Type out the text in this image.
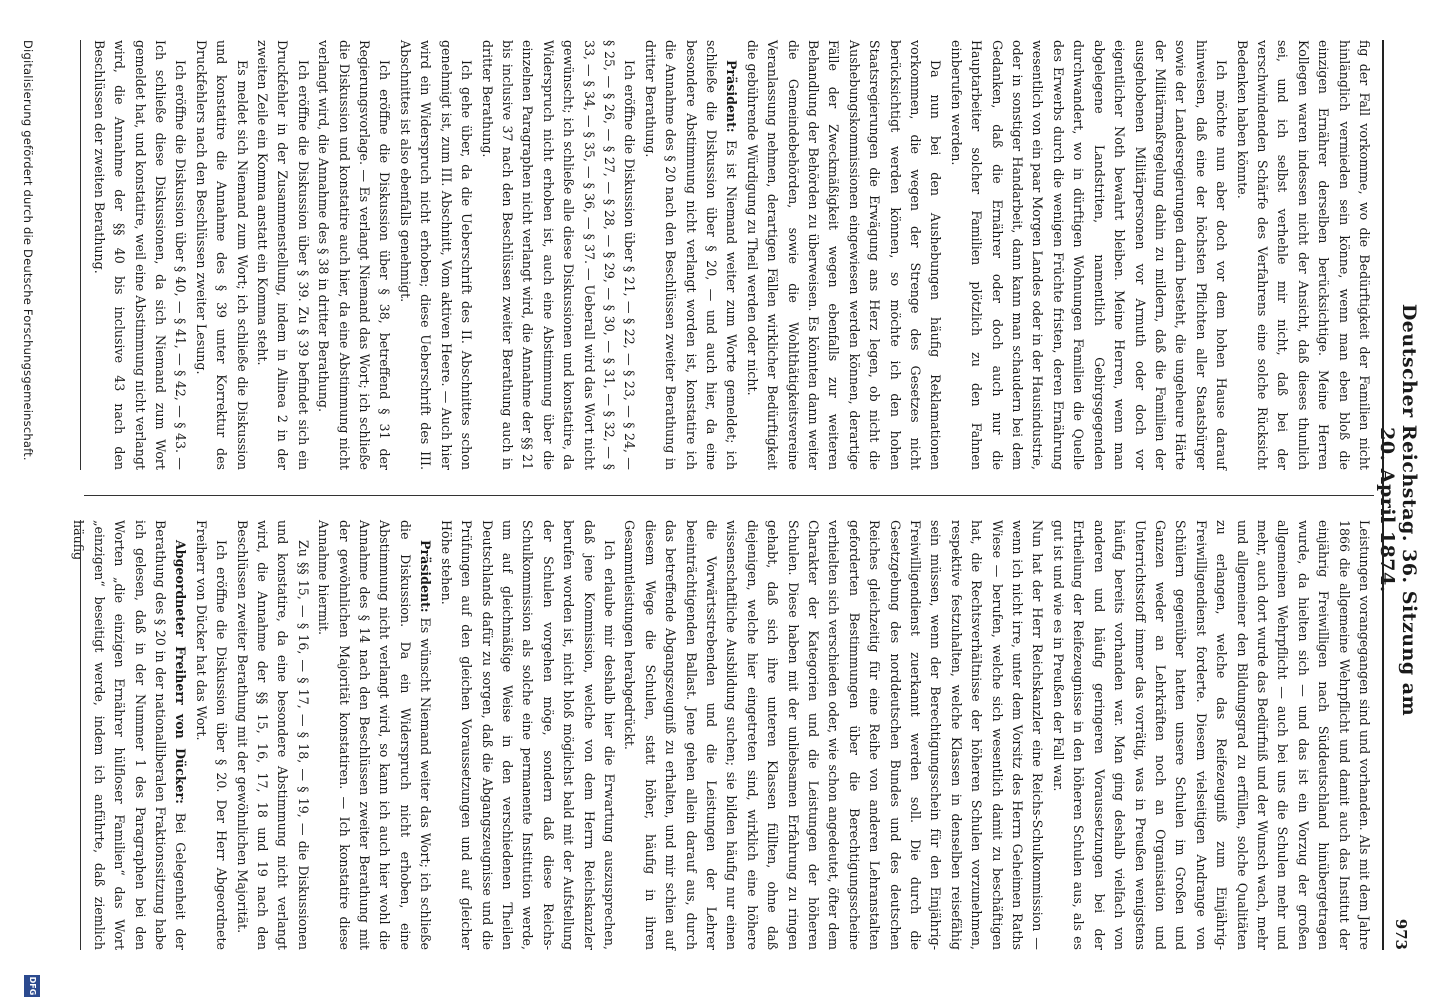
Deutscher Reichstag. 36. Sitzung am 20. April 1874.
973

Leistungen vorangegangen sind und vorhanden. Als mit dem Jahre 1866 die allgemeine Wehrpflicht und damit auch das Institut der einjährig Freiwilligen nach Süddeutschland hinübergetragen wurde, da hielten sich — und das ist ein Vorzug der großen allgemeinen Wehrpflicht — auch bei uns die Schulen mehr und mehr, auch dort wurde das Bedürfniß und der Wunsch wach, mehr und allgemeiner den Bildungsgrad zu erfüllen, solche Qualitäten zu erlangen, welche das Reifezeugniß zum Einjährig-Freiwilligendienst forderte. Diesem vielseitigen Andrange von Schülern gegenüber hatten unsere Schulen im Großen und Ganzen weder an Lehrkräften noch an Organisation und Unterrichtsstoff immer das vorrätig, was in Preußen wenigstens häufig bereits vorhanden war. Man ging deshalb vielfach von anderen und häufig geringeren Voraussetzungen bei der Ertheilung der Reifezeugnisse in den höheren Schulen aus, als es gut ist und wie es in Preußen der Fall war.

Nun hat der Herr Reichskanzler eine Reichs-Schulkommission — wenn ich nicht irre, unter dem Vorsitz des Herrn Geheimen Raths Wiese — berufen, welche sich wesentlich damit zu beschäftigen hat, die Rechtsverhältnisse der höheren Schulen vorzunehmen, respektive festzuhalten, welche Klassen in denselben reisefähig sein müssen, wenn der Berechtigungsschein für den Einjährig-Freiwilligendienst zuerkannt werden soll. Die durch die Gesetzgebung des norddeutschen Bundes und des deutschen Reiches gleichzeitig für eine Reihe von anderen Lehranstalten geforderten Bestimmungen über die Berechtigungsscheine verhielten sich verschieden oder, wie schon angedeutet, öfter dem Charakter der Kategorien und die Leistungen der höheren Schulen. Diese haben mit der unliebsamen Erfahrung zu ringen gehabt, daß sich ihre unteren Klassen füllten, ohne daß diejenigen, welche hier eingetreten sind, wirklich eine höhere wissenschaftliche Ausbildung suchen; sie bilden häufig nur einen die Vorwärtsstrebenden und die Leistungen der Lehrer beeinträchtigenden Ballast. Jene gehen allein darauf aus, durch das betreffende Abgangszeugniß zu erhalten, und mir schien auf diesem Wege die Schulen, statt höher, häufig in ihren Gesammtleistungen herabgedrückt.

Ich erlaube mir deshalb hier die Erwartung auszusprechen, daß jene Kommission, welche von dem Herrn Reichskanzler berufen worden ist, nicht bloß möglichst bald mit der Aufstellung der Schulen vorgehen möge, sondern daß diese Reichs-Schulkommission als solche eine permanente Institution werde, um auf gleichmäßige Weise in den verschiedenen Theilen Deutschlands dafür zu sorgen, daß die Abgangszeugnisse und die Prüfungen auf den gleichen Voraussetzungen und auf gleicher Höhe stehen.

Präsident: Es wünscht Niemand weiter das Wort; ich schließe die Diskussion. Da ein Widerspruch nicht erhoben, eine Abstimmung nicht verlangt wird, so kann ich auch hier wohl die Annahme des § 14 nach den Beschlüssen zweiter Berathung mit der gewöhnlichen Majorität konstatiren. — Ich konstatire diese Annahme hiermit.

Zu §§ 15, — § 16, — § 17, — § 18, — § 19, — die Diskussionen und konstatire, da eine besondere Abstimmung nicht verlangt wird, die Annahme der §§ 15, 16, 17, 18 und 19 nach den Beschlüssen zweiter Berathung mit der gewöhnlichen Majorität.

Ich eröffne die Diskussion über § 20. Der Herr Abgeordnete Freiherr von Dücker hat das Wort.

Abgeordneter Freiherr von Dücker: Bei Gelegenheit der Berathung des § 20 in der nationalliberalen Fraktionssitzung habe ich gelesen, daß in der Nummer 1 des Paragraphen bei den Worten „die einzigen Ernährer hülfloser Familien“ das Wort „einzigen“ beseitigt werde, indem ich anführte, daß ziemlich häufig

fig der Fall vorkomme, wo die Bedürftigkeit der Familien nicht hinlänglich vermieden sein könne, wenn man eben bloß die einzigen Ernährer derselben berücksichtige. Meine Herren Kollegen waren indessen nicht der Ansicht, daß dieses thunlich sei, und ich selbst verhehle mir nicht, daß bei der verschwindenden Schärfe des Verfahrens eine solche Rücksicht Bedenken haben könnte.

Ich möchte nun aber doch vor dem hohen Hause darauf hinweisen, daß eine der höchsten Pflichten aller Staatsbürger sowie der Landesregierungen darin besteht, die ungeheure Härte der Militärmaßregelung dahin zu mildern, daß die Familien der ausgehobenen Militärpersonen vor Armuth oder doch vor eigentlicher Noth bewahrt bleiben. Meine Herren, wenn man abgelegene Landstriten, namentlich Gebirgsgegenden durchwandert, wo in dürftigen Wohnungen Familien die Quelle des Erwerbs durch die wenigen Früchte fristen, deren Ernährung wesentlich von ein paar Morgen Landes oder in der Hausindustrie, oder in sonstiger Handarbeit, dann kann man schaudern bei dem Gedanken, daß die Ernährer oder doch auch nur die Hauptarbeiter solcher Familien plötzlich zu den Fahnen einberufen werden.

Da nun bei den Aushebungen häufig Reklamationen vorkommen, die wegen der Strenge des Gesetzes nicht berücksichtigt werden können, so möchte ich den hohen Staatsregierungen die Erwägung ans Herz legen, ob nicht die Aushebungskommissionen eingewiesen werden können, derartige Fälle der Zweckmäßigkeit wegen ebenfalls zur weiteren Behandlung der Behörden zu überweisen. Es könnten dann weiter die Gemeindebehörden, sowie die Wohlthätigkeitsvereine Veranlassung nehmen, derartigen Fällen wirklicher Bedürftigkeit die gebührende Würdigung zu Theil werden oder nicht.

Präsident: Es ist Niemand weiter zum Worte gemeldet; ich schließe die Diskussion über § 20, — und auch hier, da eine besondere Abstimmung nicht verlangt worden ist, konstatire ich die Annahme des § 20 nach den Beschlüssen zweiter Berathung in dritter Berathung.

Ich eröffne die Diskussion über § 21, — § 22, — § 23, — § 24, — § 25, — § 26, — § 27, — § 28, — § 29, — § 30, — § 31, — § 32, — § 33, — § 34, — § 35, — § 36, — § 37. — Ueberall wird das Wort nicht gewünscht; ich schließe alle diese Diskussionen und konstatire, da Widerspruch nicht erhoben ist, auch eine Abstimmung über die einzelnen Paragraphen nicht verlangt wird, die Annahme der §§ 21 bis inclusive 37 nach den Beschlüssen zweiter Berathung auch in dritter Berathung.

Ich gehe über, da die Ueberschrift des II. Abschnittes schon genehmigt ist, zum III. Abschnitt, Vom aktiven Heere. — Auch hier wird ein Widerspruch nicht erhoben; diese Ueberschrift des III. Abschnittes ist also ebenfalls genehmigt.

Ich eröffne die Diskussion über § 38, betreffend § 31 der Regierungsvorlage. — Es verlangt Niemand das Wort; ich schließe die Diskussion und konstatire auch hier, da eine Abstimmung nicht verlangt wird, die Annahme des § 38 in dritter Berathung.

Ich eröffne die Diskussion über § 39. Zu § 39 befindet sich ein Druckfehler in der Zusammenstellung, indem in Alinea 2 in der zweiten Zeile ein Komma anstatt ein Komma steht.

Es meldet sich Niemand zum Wort; ich schließe die Diskussion und konstatire die Annahme des § 39 unter Korrektur des Druckfehlers nach den Beschlüssen zweiter Lesung.

Ich eröffne die Diskussion über § 40, — § 41, — § 42, — § 43. — Ich schließe diese Diskussionen, da sich Niemand zum Wort gemeldet hat, und konstatire, weil eine Abstimmung nicht verlangt wird, die Annahme der §§ 40 bis inclusive 43 nach den Beschlüssen der zweiten Berathung.

Digitalisierung gefördert durch die Deutsche Forschungsgemeinschaft.
DFG
